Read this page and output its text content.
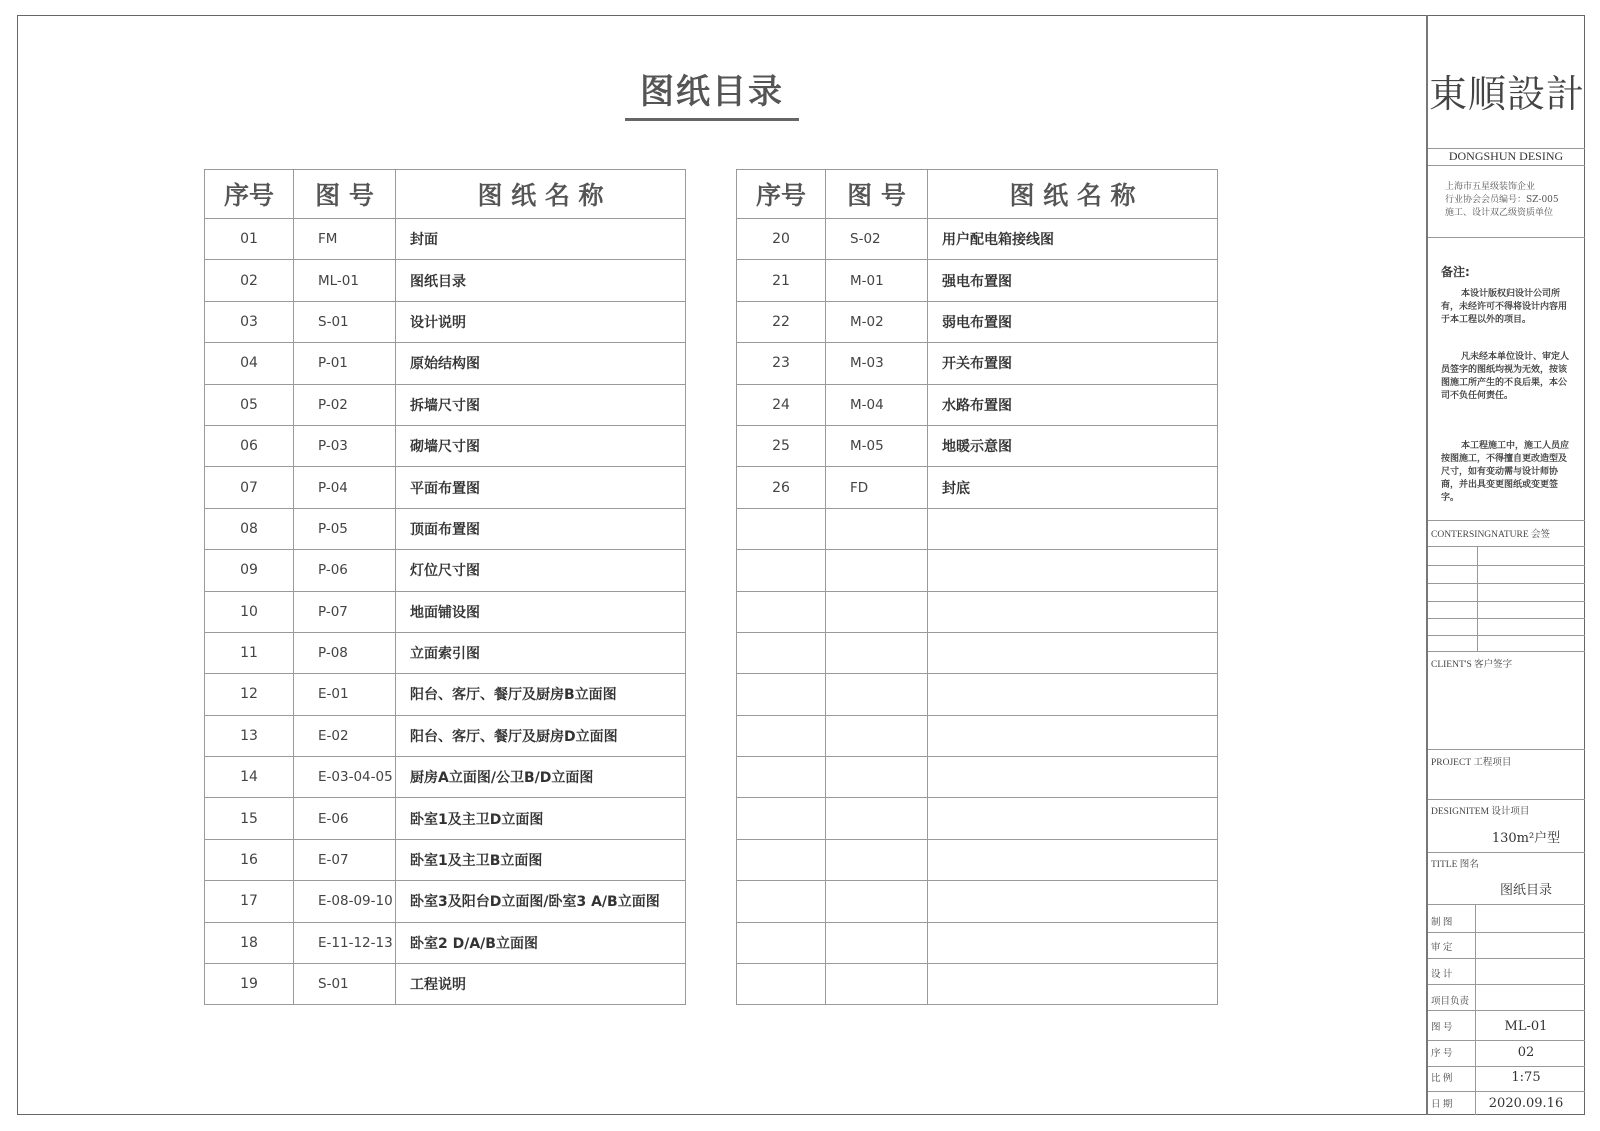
图纸目录
序号	图 号	图 纸 名 称
01	FM	封面
02	ML-01	图纸目录
03	S-01	设计说明
04	P-01	原始结构图
05	P-02	拆墙尺寸图
06	P-03	砌墙尺寸图
07	P-04	平面布置图
08	P-05	顶面布置图
09	P-06	灯位尺寸图
10	P-07	地面铺设图
11	P-08	立面索引图
12	E-01	阳台、客厅、餐厅及厨房B立面图
13	E-02	阳台、客厅、餐厅及厨房D立面图
14	E-03-04-05	厨房A立面图/公卫B/D立面图
15	E-06	卧室1及主卫D立面图
16	E-07	卧室1及主卫B立面图
17	E-08-09-10	卧室3及阳台D立面图/卧室3 A/B立面图
18	E-11-12-13	卧室2 D/A/B立面图
19	S-01	工程说明
序号	图 号	图 纸 名 称
20	S-02	用户配电箱接线图
21	M-01	强电布置图
22	M-02	弱电布置图
23	M-03	开关布置图
24	M-04	水路布置图
25	M-05	地暖示意图
26	FD	封底

東順設計
DONGSHUN DESING
上海市五星级装饰企业
行业协会会员编号：SZ-005
施工、设计双乙级资质单位
备注:
本设计版权归设计公司所有，未经许可不得将设计内容用于本工程以外的项目。
凡未经本单位设计、审定人员签字的图纸均视为无效，按该图施工所产生的不良后果，本公司不负任何责任。
本工程施工中，施工人员应按图施工，不得擅自更改造型及尺寸，如有变动需与设计师协商，并出具变更图纸或变更签字。
CONTERSINGNATURE 会签
CLIENT'S 客户签字
PROJECT 工程项目
DESIGNITEM 设计项目
130m²户型
TITLE 图名
图纸目录
制 图
审 定
设 计
项目负责
图 号	ML-01
序 号	02
比 例	1:75
日 期	2020.09.16
